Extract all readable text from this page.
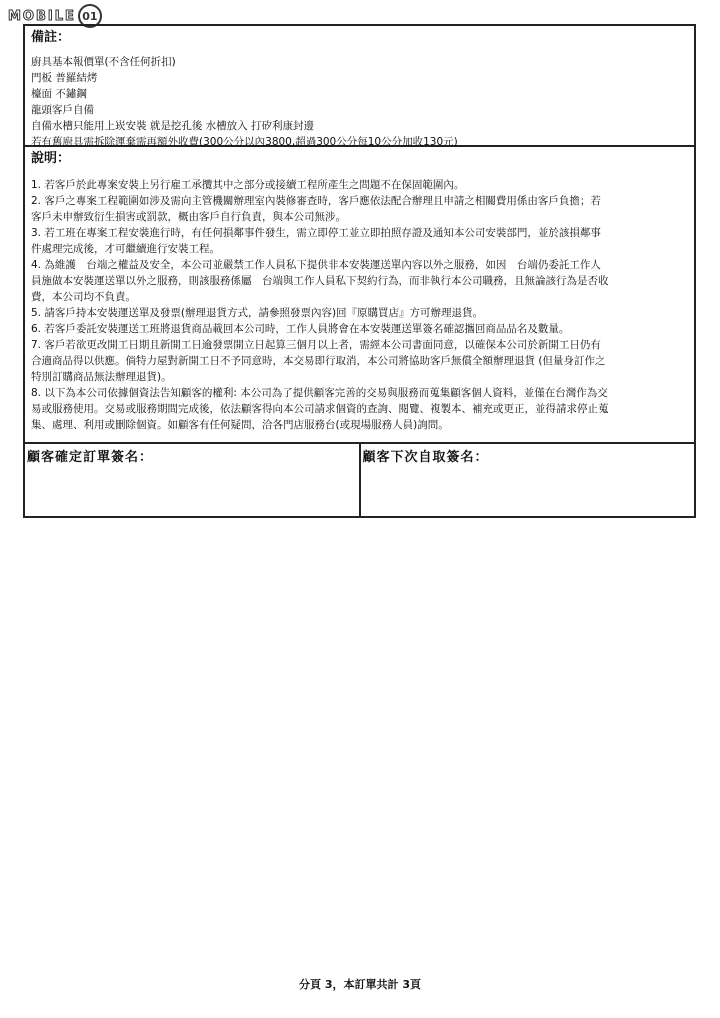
MOBILE 01
備註：
廚具基本報價單(不含任何折扣)
門板 普羅結烤
檯面 不鏽鋼
龍頭客戶自備
自備水槽只能用上崁安裝 就是挖孔後 水槽放入 打矽利康封邊
若有舊廚具需拆除運棄需再額外收費(300公分以內3800,超過300公分每10公分加收130元)
說明：
1. 若客戶於此專案安裝上另行雇工承攬其中之部分或接續工程所產生之問題不在保固範圍內。
2. 客戶之專案工程範圍如涉及需向主管機關辦理室內裝修審查時，客戶應依法配合辦理且申請之相關費用係由客戶負擔；若
客戶未申辦致衍生損害或罰款，概由客戶自行負責，與本公司無涉。
3. 若工班在專案工程安裝進行時，有任何損鄰事件發生，需立即停工並立即拍照存證及通知本公司安裝部門，並於該損鄰事
件處理完成後，才可繼續進行安裝工程。
4. 為維護　台端之權益及安全，本公司並嚴禁工作人員私下提供非本安裝運送單內容以外之服務，如因　台端仍委託工作人
員施做本安裝運送單以外之服務，則該服務係屬　台端與工作人員私下契約行為，而非執行本公司職務，且無論該行為是否收
費，本公司均不負責。
5. 請客戶持本安裝運送單及發票(辦理退貨方式，請參照發票內容)回『原購買店』方可辦理退貨。
6. 若客戶委託安裝運送工班將退貨商品載回本公司時，工作人員將會在本安裝運送單簽名確認攜回商品品名及數量。
7. 客戶若欲更改開工日期且新開工日逾發票開立日起算三個月以上者，需經本公司書面同意，以確保本公司於新開工日仍有
合適商品得以供應。倘特力屋對新開工日不予同意時，本交易即行取消，本公司將協助客戶無償全額辦理退貨 (但量身訂作之
特別訂購商品無法辦理退貨)。
8. 以下為本公司依據個資法告知顧客的權利: 本公司為了提供顧客完善的交易與服務而蒐集顧客個人資料，並僅在台灣作為交
易或服務使用。交易或服務期間完成後，依法顧客得向本公司請求個資的查詢、閱覽、複製本、補充或更正，並得請求停止蒐
集、處理、利用或刪除個資。如顧客有任何疑問，洽各門店服務台(或現場服務人員)詢問。
顧客確定訂單簽名：	顧客下次自取簽名：
分頁 3，本訂單共計 3頁
